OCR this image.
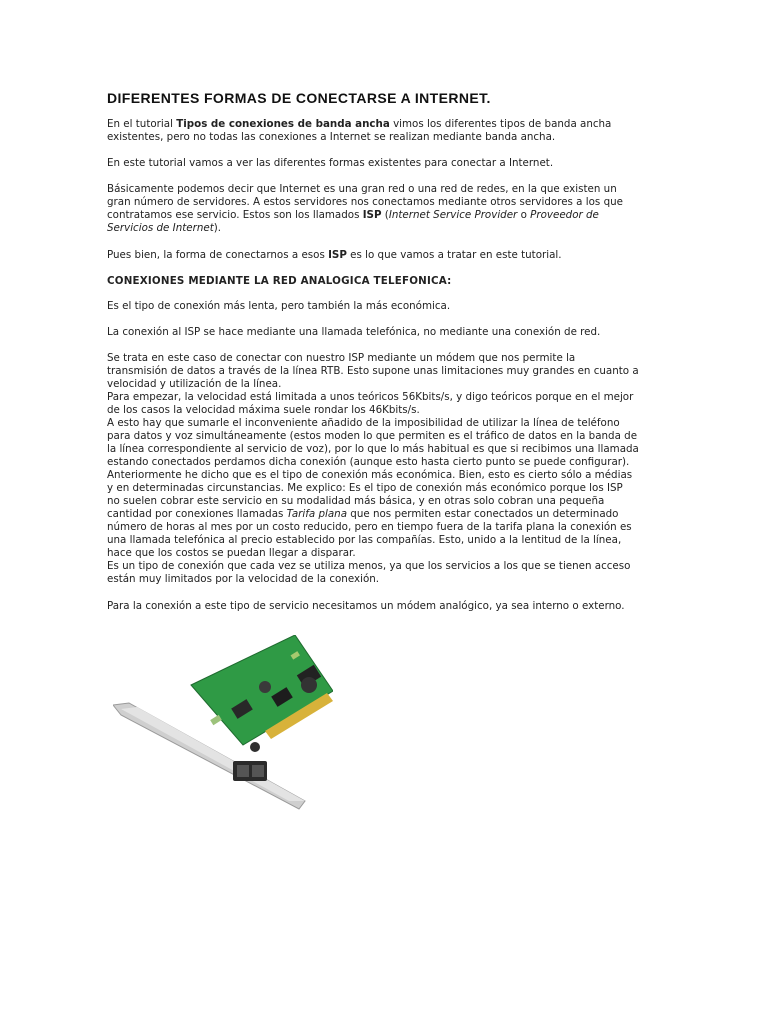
DIFERENTES FORMAS DE CONECTARSE A INTERNET.
En el tutorial Tipos de conexiones de banda ancha vimos los diferentes tipos de banda ancha
existentes, pero no todas las conexiones a Internet se realizan mediante banda ancha.
En este tutorial vamos a ver las diferentes formas existentes para conectar a Internet.
Básicamente podemos decir que Internet es una gran red o una red de redes, en la que existen un
gran número de servidores. A estos servidores nos conectamos mediante otros servidores a los que
contratamos ese servicio. Estos son los llamados ISP (Internet Service Provider o Proveedor de
Servicios de Internet).
Pues bien, la forma de conectarnos a esos ISP es lo que vamos a tratar en este tutorial.
CONEXIONES MEDIANTE LA RED ANALOGICA TELEFONICA:
Es el tipo de conexión más lenta, pero también la más económica.
La conexión al ISP se hace mediante una llamada telefónica, no mediante una conexión de red.
Se trata en este caso de conectar con nuestro ISP mediante un módem que nos permite la
transmisión de datos a través de la línea RTB. Esto supone unas limitaciones muy grandes en cuanto a
velocidad y utilización de la línea.
Para empezar, la velocidad está limitada a unos teóricos 56Kbits/s, y digo teóricos porque en el mejor
de los casos la velocidad máxima suele rondar los 46Kbits/s.
A esto hay que sumarle el inconveniente añadido de la imposibilidad de utilizar la línea de teléfono
para datos y voz simultáneamente (estos moden lo que permiten es el tráfico de datos en la banda de
la línea correspondiente al servicio de voz), por lo que lo más habitual es que si recibimos una llamada
estando conectados perdamos dicha conexión (aunque esto hasta cierto punto se puede configurar).
Anteriormente he dicho que es el tipo de conexión más económica. Bien, esto es cierto sólo a médias
y en determinadas circunstancias. Me explico: Es el tipo de conexión más económico porque los ISP
no suelen cobrar este servicio en su modalidad más básica, y en otras solo cobran una pequeña
cantidad por conexiones llamadas Tarifa plana que nos permiten estar conectados un determinado
número de horas al mes por un costo reducido, pero en tiempo fuera de la tarifa plana la conexión es
una llamada telefónica al precio establecido por las compañías. Esto, unido a la lentitud de la línea,
hace que los costos se puedan llegar a disparar.
Es un tipo de conexión que cada vez se utiliza menos, ya que los servicios a los que se tienen acceso
están muy limitados por la velocidad de la conexión.
Para la conexión a este tipo de servicio necesitamos un módem analógico, ya sea interno o externo.
